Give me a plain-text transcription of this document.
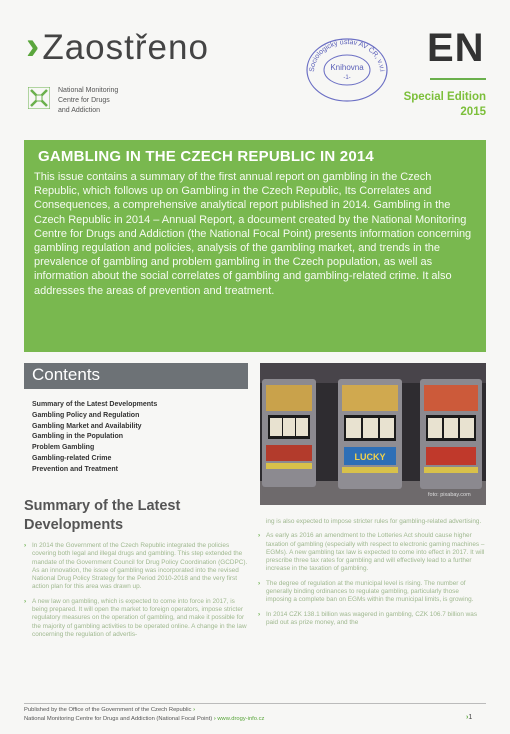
›Zaostřeno
National Monitoring
Centre for Drugs
and Addiction
Sociologický ústav AV ČR, v.v.i
Knihovna
-1-
EN
Special Edition
2015
GAMBLING IN THE CZECH REPUBLIC IN 2014
This issue contains a summary of the first annual report on gambling in the Czech Republic, which follows up on Gambling in the Czech Republic, Its Correlates and Consequences, a comprehensive analytical report published in 2014. Gambling in the Czech Republic in 2014 – Annual Report, a document created by the National Monitoring Centre for Drugs and Addiction (the National Focal Point) presents information concerning gambling regulation and policies, analysis of the gambling market, and trends in the prevalence of gambling and problem gambling in the Czech population, as well as information about the social correlates of gambling and gambling-related crime. It also addresses the areas of prevention and treatment.
Contents
Summary of the Latest Developments
Gambling Policy and Regulation
Gambling Market and Availability
Gambling in the Population
Problem Gambling
Gambling-related Crime
Prevention and Treatment
LUCKY
foto: pixabay.com
Summary of the Latest
Developments

› In 2014 the Government of the Czech Republic integrated the policies covering both legal and illegal drugs and gambling. This step extended the mandate of the Government Council for Drug Policy Coordination (GCDPC). As an innovation, the issue of gambling was incorporated into the revised National Drug Policy Strategy for the Period 2010-2018 and the very first action plan for this area was drawn up.

› A new law on gambling, which is expected to come into force in 2017, is being prepared. It will open the market to foreign operators, impose stricter regulatory measures on the operation of gambling, and make it possible for the majority of gambling activities to be operated online. A change in the law concerning the regulation of advertis-

ing is also expected to impose stricter rules for gambling-related advertising.

› As early as 2016 an amendment to the Lotteries Act should cause higher taxation of gambling (especially with respect to electronic gaming machines – EGMs). A new gambling tax law is expected to come into effect in 2017. It will prescribe three tax rates for gambling and will effectively lead to a further increase in the taxation of gambling.

› The degree of regulation at the municipal level is rising. The number of generally binding ordinances to regulate gambling, particularly those imposing a complete ban on EGMs within the municipal limits, is growing.

› In 2014 CZK 138.1 billion was wagered in gambling, CZK 106.7 billion was paid out as prize money, and the

Published by the Office of the Government of the Czech Republic ›
National Monitoring Centre for Drugs and Addiction (National Focal Point) › www.drogy-info.cz	›1
